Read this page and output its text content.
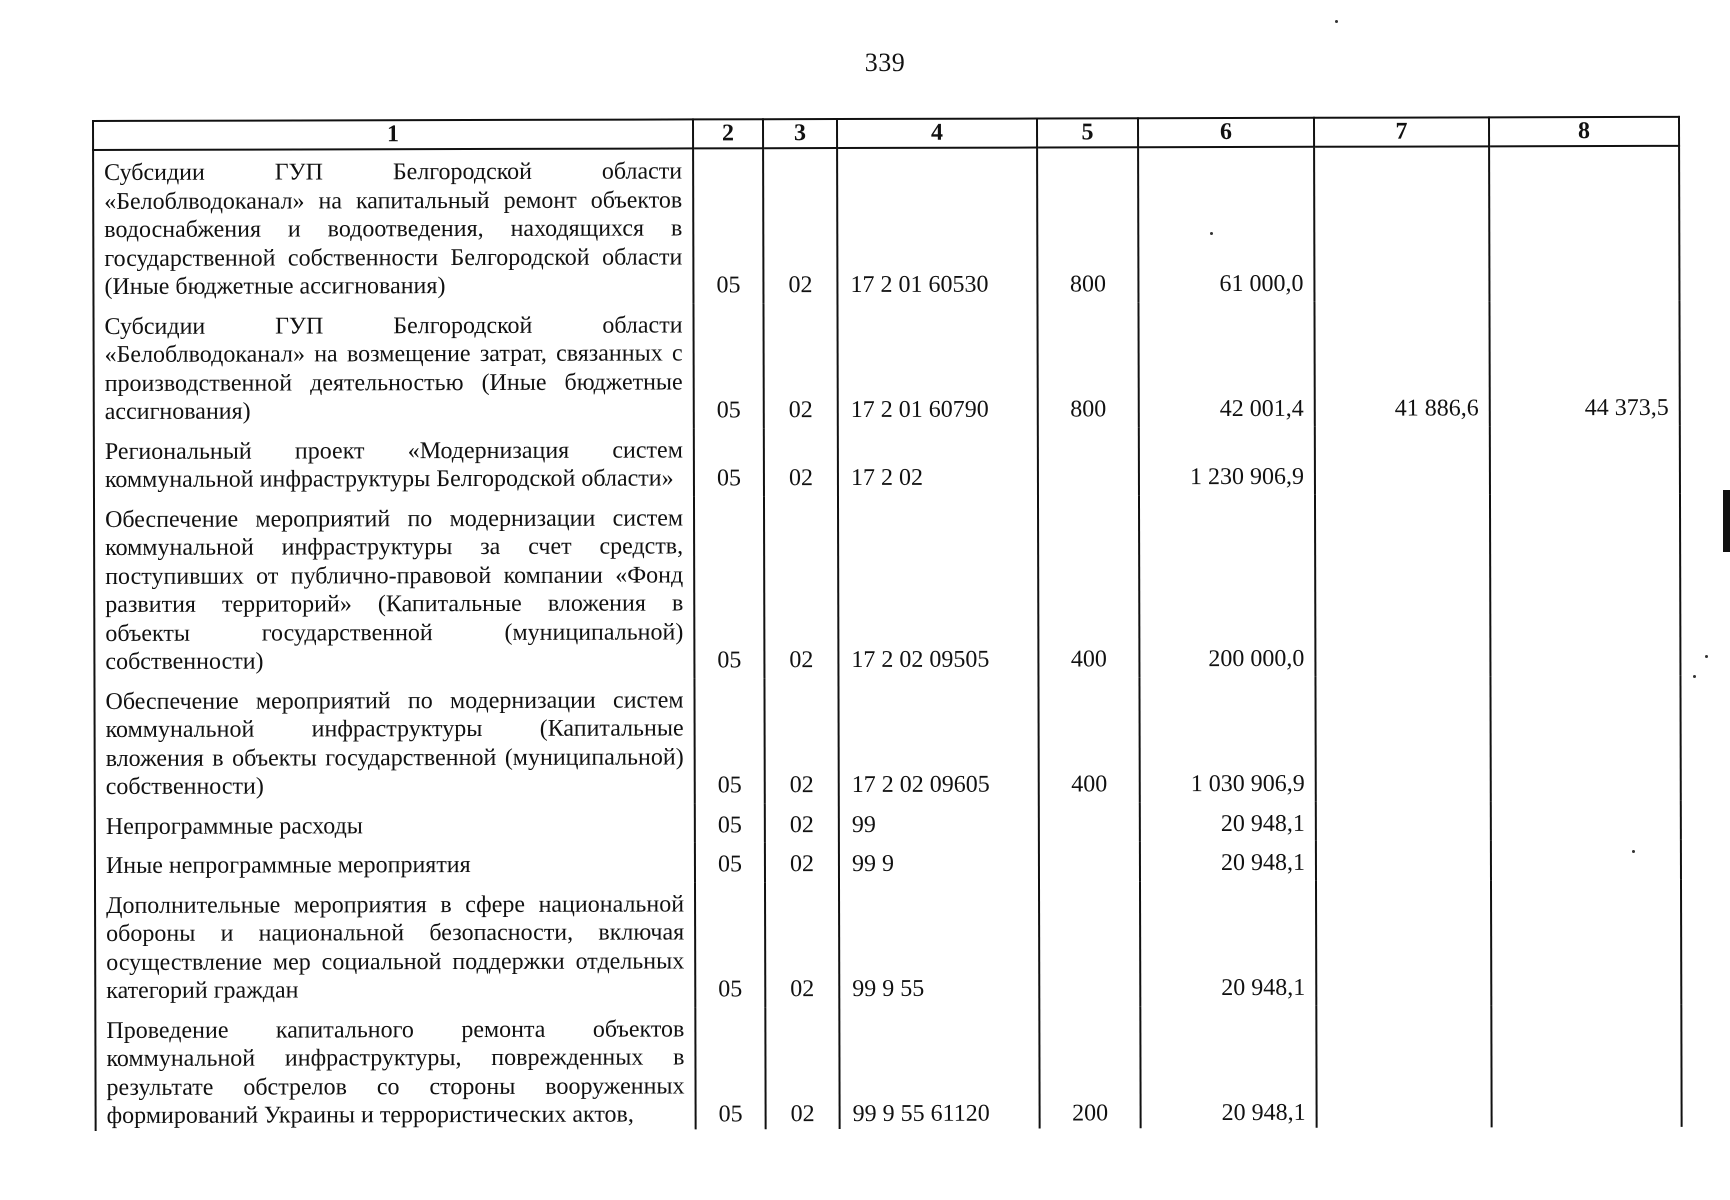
339
1	2	3	4	5	6	7	8
Субсидии ГУП Белгородской области «Белоблводоканал» на капитальный ремонт объектов водоснабжения и водоотведения, находящихся в государственной собственности Белгородской области (Иные бюджетные ассигнования)	05	02	17 2 01 60530	800	61 000,0		
Субсидии ГУП Белгородской области «Белоблводоканал» на возмещение затрат, связанных с производственной деятельностью (Иные бюджетные ассигнования)	05	02	17 2 01 60790	800	42 001,4	41 886,6	44 373,5
Региональный проект «Модернизация систем коммунальной инфраструктуры Белгородской области»	05	02	17 2 02		1 230 906,9		
Обеспечение мероприятий по модернизации систем коммунальной инфраструктуры за счет средств, поступивших от публично-правовой компании «Фонд развития территорий» (Капитальные вложения в объекты государственной (муниципальной) собственности)	05	02	17 2 02 09505	400	200 000,0		
Обеспечение мероприятий по модернизации систем коммунальной инфраструктуры (Капитальные вложения в объекты государственной (муниципальной) собственности)	05	02	17 2 02 09605	400	1 030 906,9		
Непрограммные расходы	05	02	99		20 948,1		
Иные непрограммные мероприятия	05	02	99 9		20 948,1		
Дополнительные мероприятия в сфере национальной обороны и национальной безопасности, включая осуществление мер социальной поддержки отдельных категорий граждан	05	02	99 9 55		20 948,1		
Проведение капитального ремонта объектов коммунальной инфраструктуры, поврежденных в результате обстрелов со стороны вооруженных формирований Украины и террористических актов,	05	02	99 9 55 61120	200	20 948,1		
